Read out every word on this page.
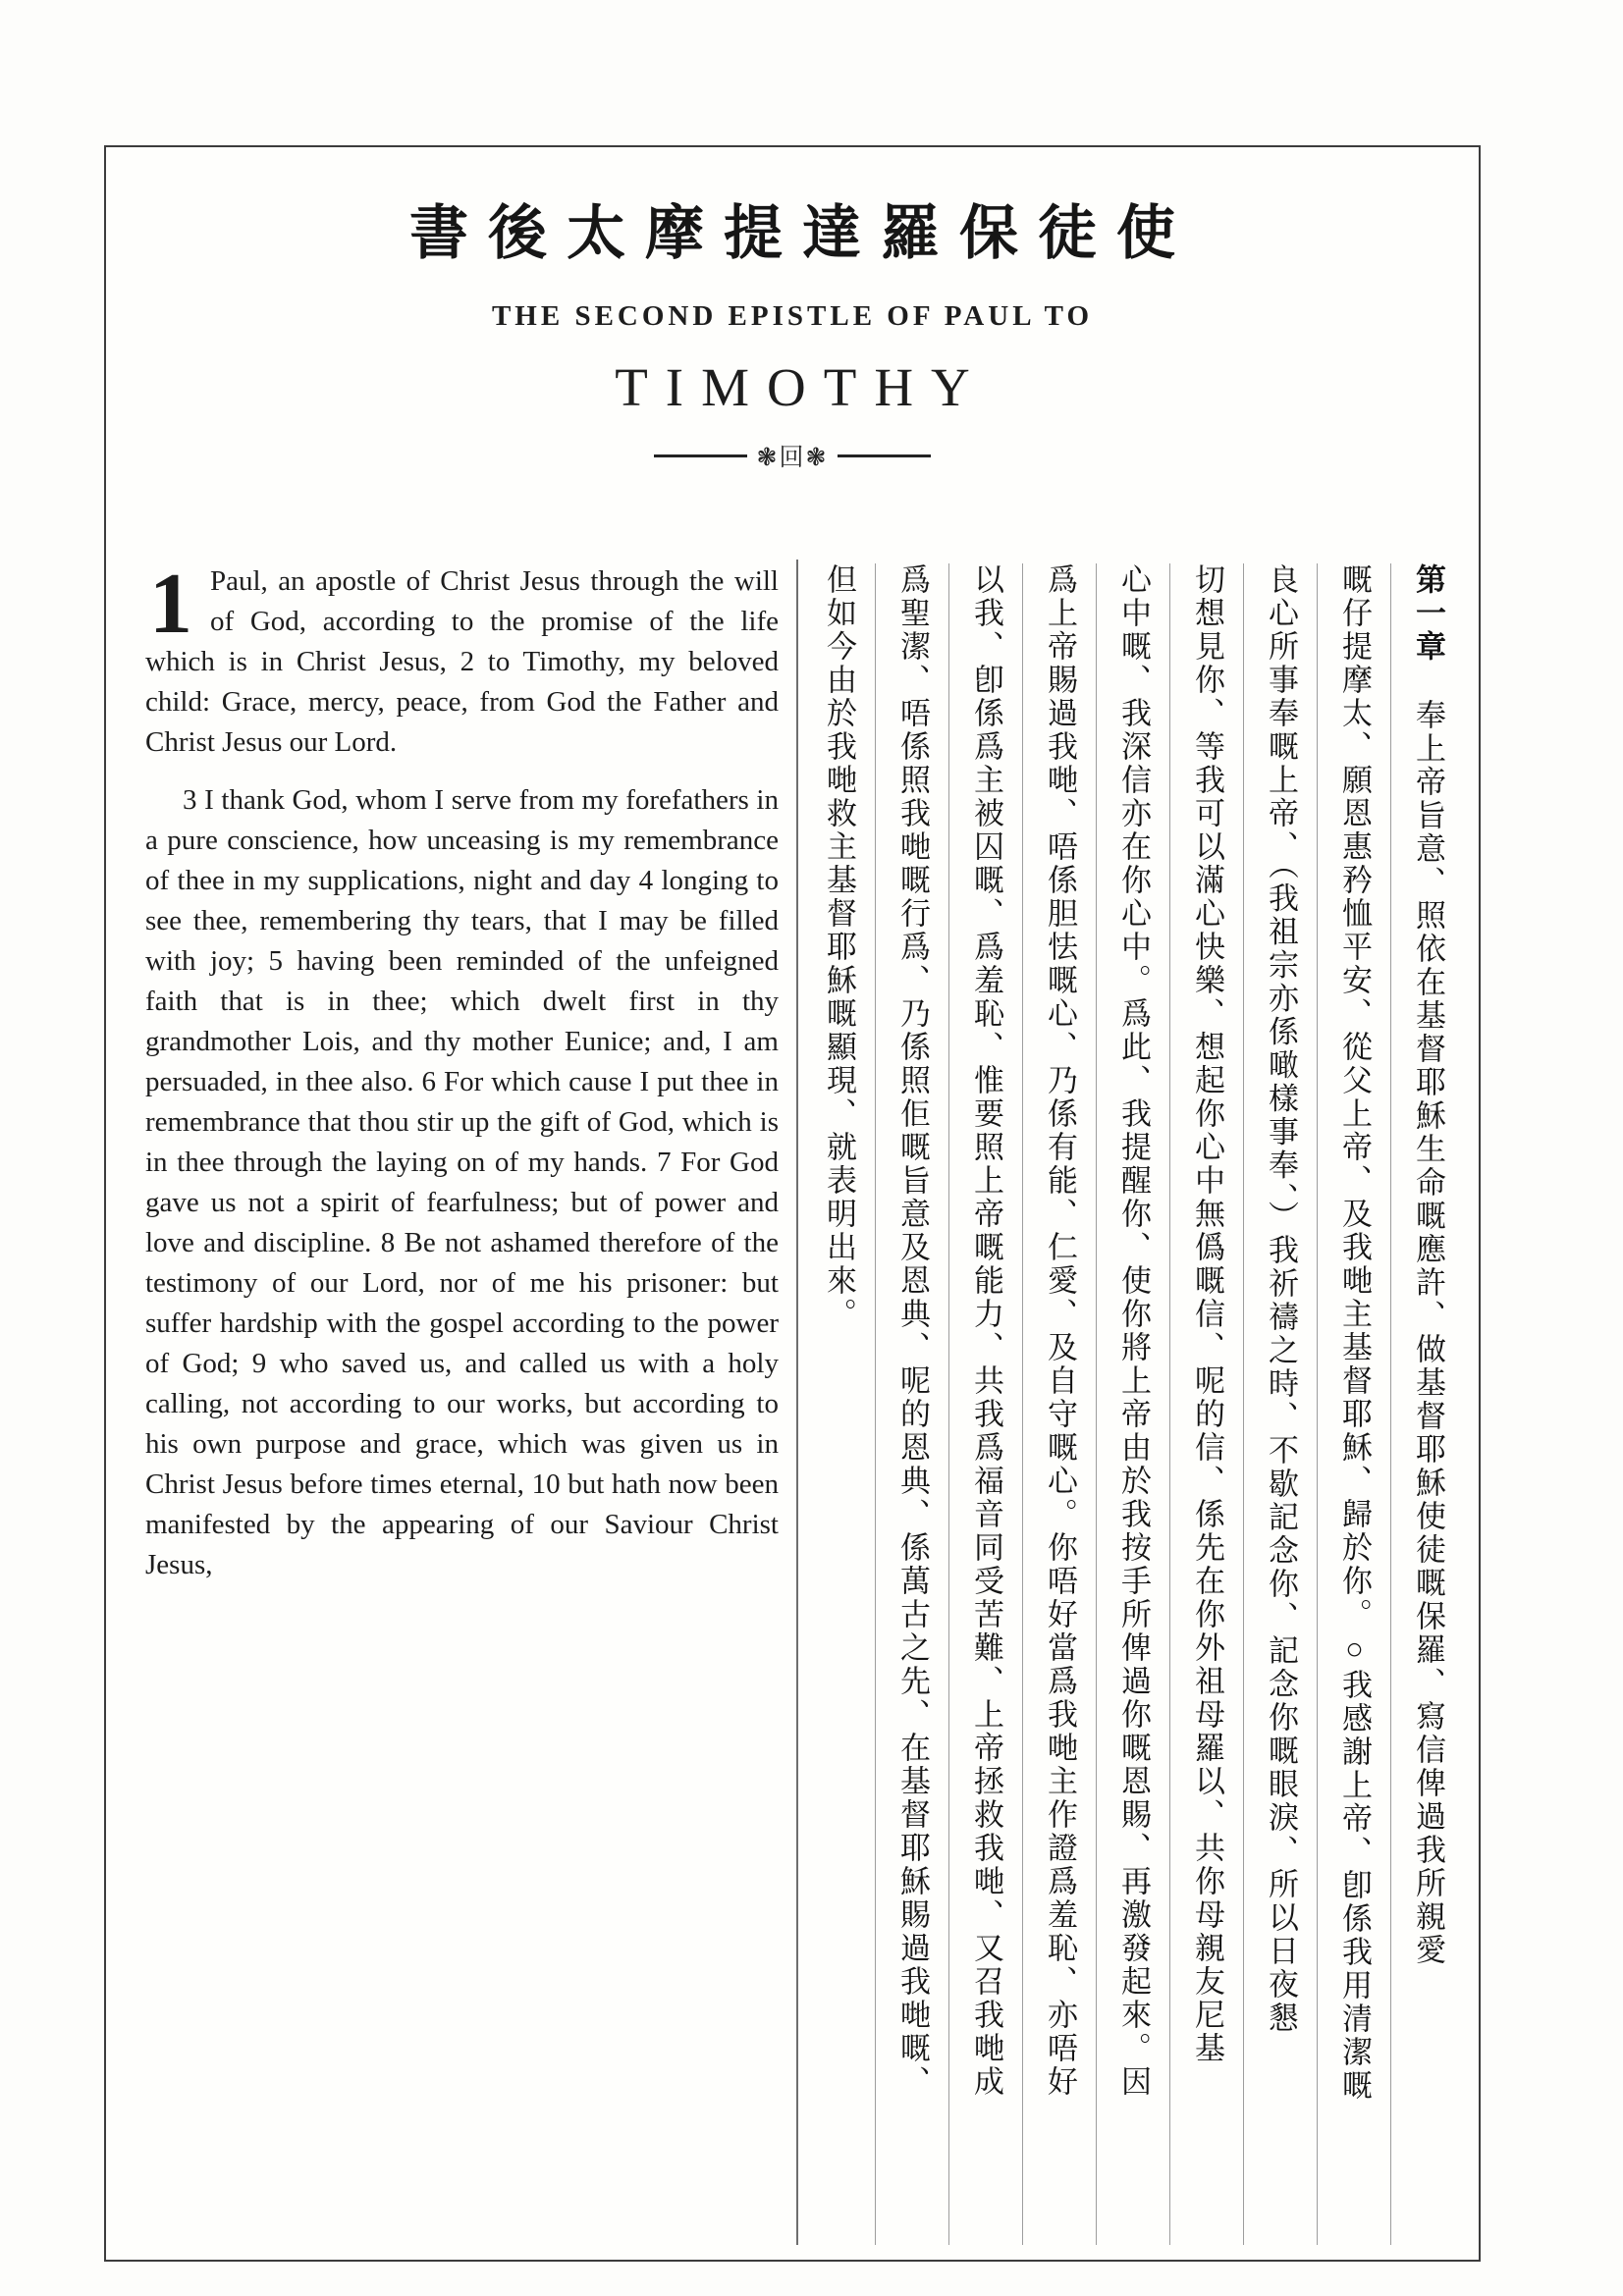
書後太摩提達羅保徒使
THE SECOND EPISTLE OF PAUL TO
TIMOTHY
❃回❃

1 Paul, an apostle of Christ Jesus through the will of God, according to the promise of the life which is in Christ Jesus, 2 to Timothy, my beloved child: Grace, mercy, peace, from God the Father and Christ Jesus our Lord.

3 I thank God, whom I serve from my forefathers in a pure conscience, how unceasing is my remembrance of thee in my supplications, night and day 4 longing to see thee, remembering thy tears, that I may be filled with joy; 5 having been reminded of the unfeigned faith that is in thee; which dwelt first in thy grandmother Lois, and thy mother Eunice; and, I am persuaded, in thee also. 6 For which cause I put thee in remembrance that thou stir up the gift of God, which is in thee through the laying on of my hands. 7 For God gave us not a spirit of fearfulness; but of power and love and discipline. 8 Be not ashamed therefore of the testimony of our Lord, nor of me his prisoner: but suffer hardship with the gospel according to the power of God; 9 who saved us, and called us with a holy calling, not according to our works, but according to his own purpose and grace, which was given us in Christ Jesus before times eternal, 10 but hath now been manifested by the appearing of our Saviour Christ Jesus,

第一章奉上帝旨意、照依在基督耶穌生命嘅應許、做基督耶穌使徒嘅保羅、寫信俾過我所親愛
嘅仔提摩太、願恩惠矜恤平安、從父上帝、及我哋主基督耶穌、歸於你。○我感謝上帝、卽係我用清潔嘅
良心所事奉嘅上帝、（我祖宗亦係噉樣事奉、）我祈禱之時、不歇記念你、記念你嘅眼淚、所以日夜懇
切想見你、等我可以滿心快樂、想起你心中無僞嘅信、呢的信、係先在你外祖母羅以、共你母親友尼基
心中嘅、我深信亦在你心中。爲此、我提醒你、使你將上帝由於我按手所俾過你嘅恩賜、再激發起來。因
爲上帝賜過我哋、唔係胆怯嘅心、乃係有能、仁愛、及自守嘅心。你唔好當爲我哋主作證爲羞恥、亦唔好
以我、卽係爲主被囚嘅、爲羞恥、惟要照上帝嘅能力、共我爲福音同受苦難、上帝拯救我哋、又召我哋成
爲聖潔、唔係照我哋嘅行爲、乃係照佢嘅旨意及恩典、呢的恩典、係萬古之先、在基督耶穌賜過我哋嘅、
但如今由於我哋救主基督耶穌嘅顯現、就表明出來。
